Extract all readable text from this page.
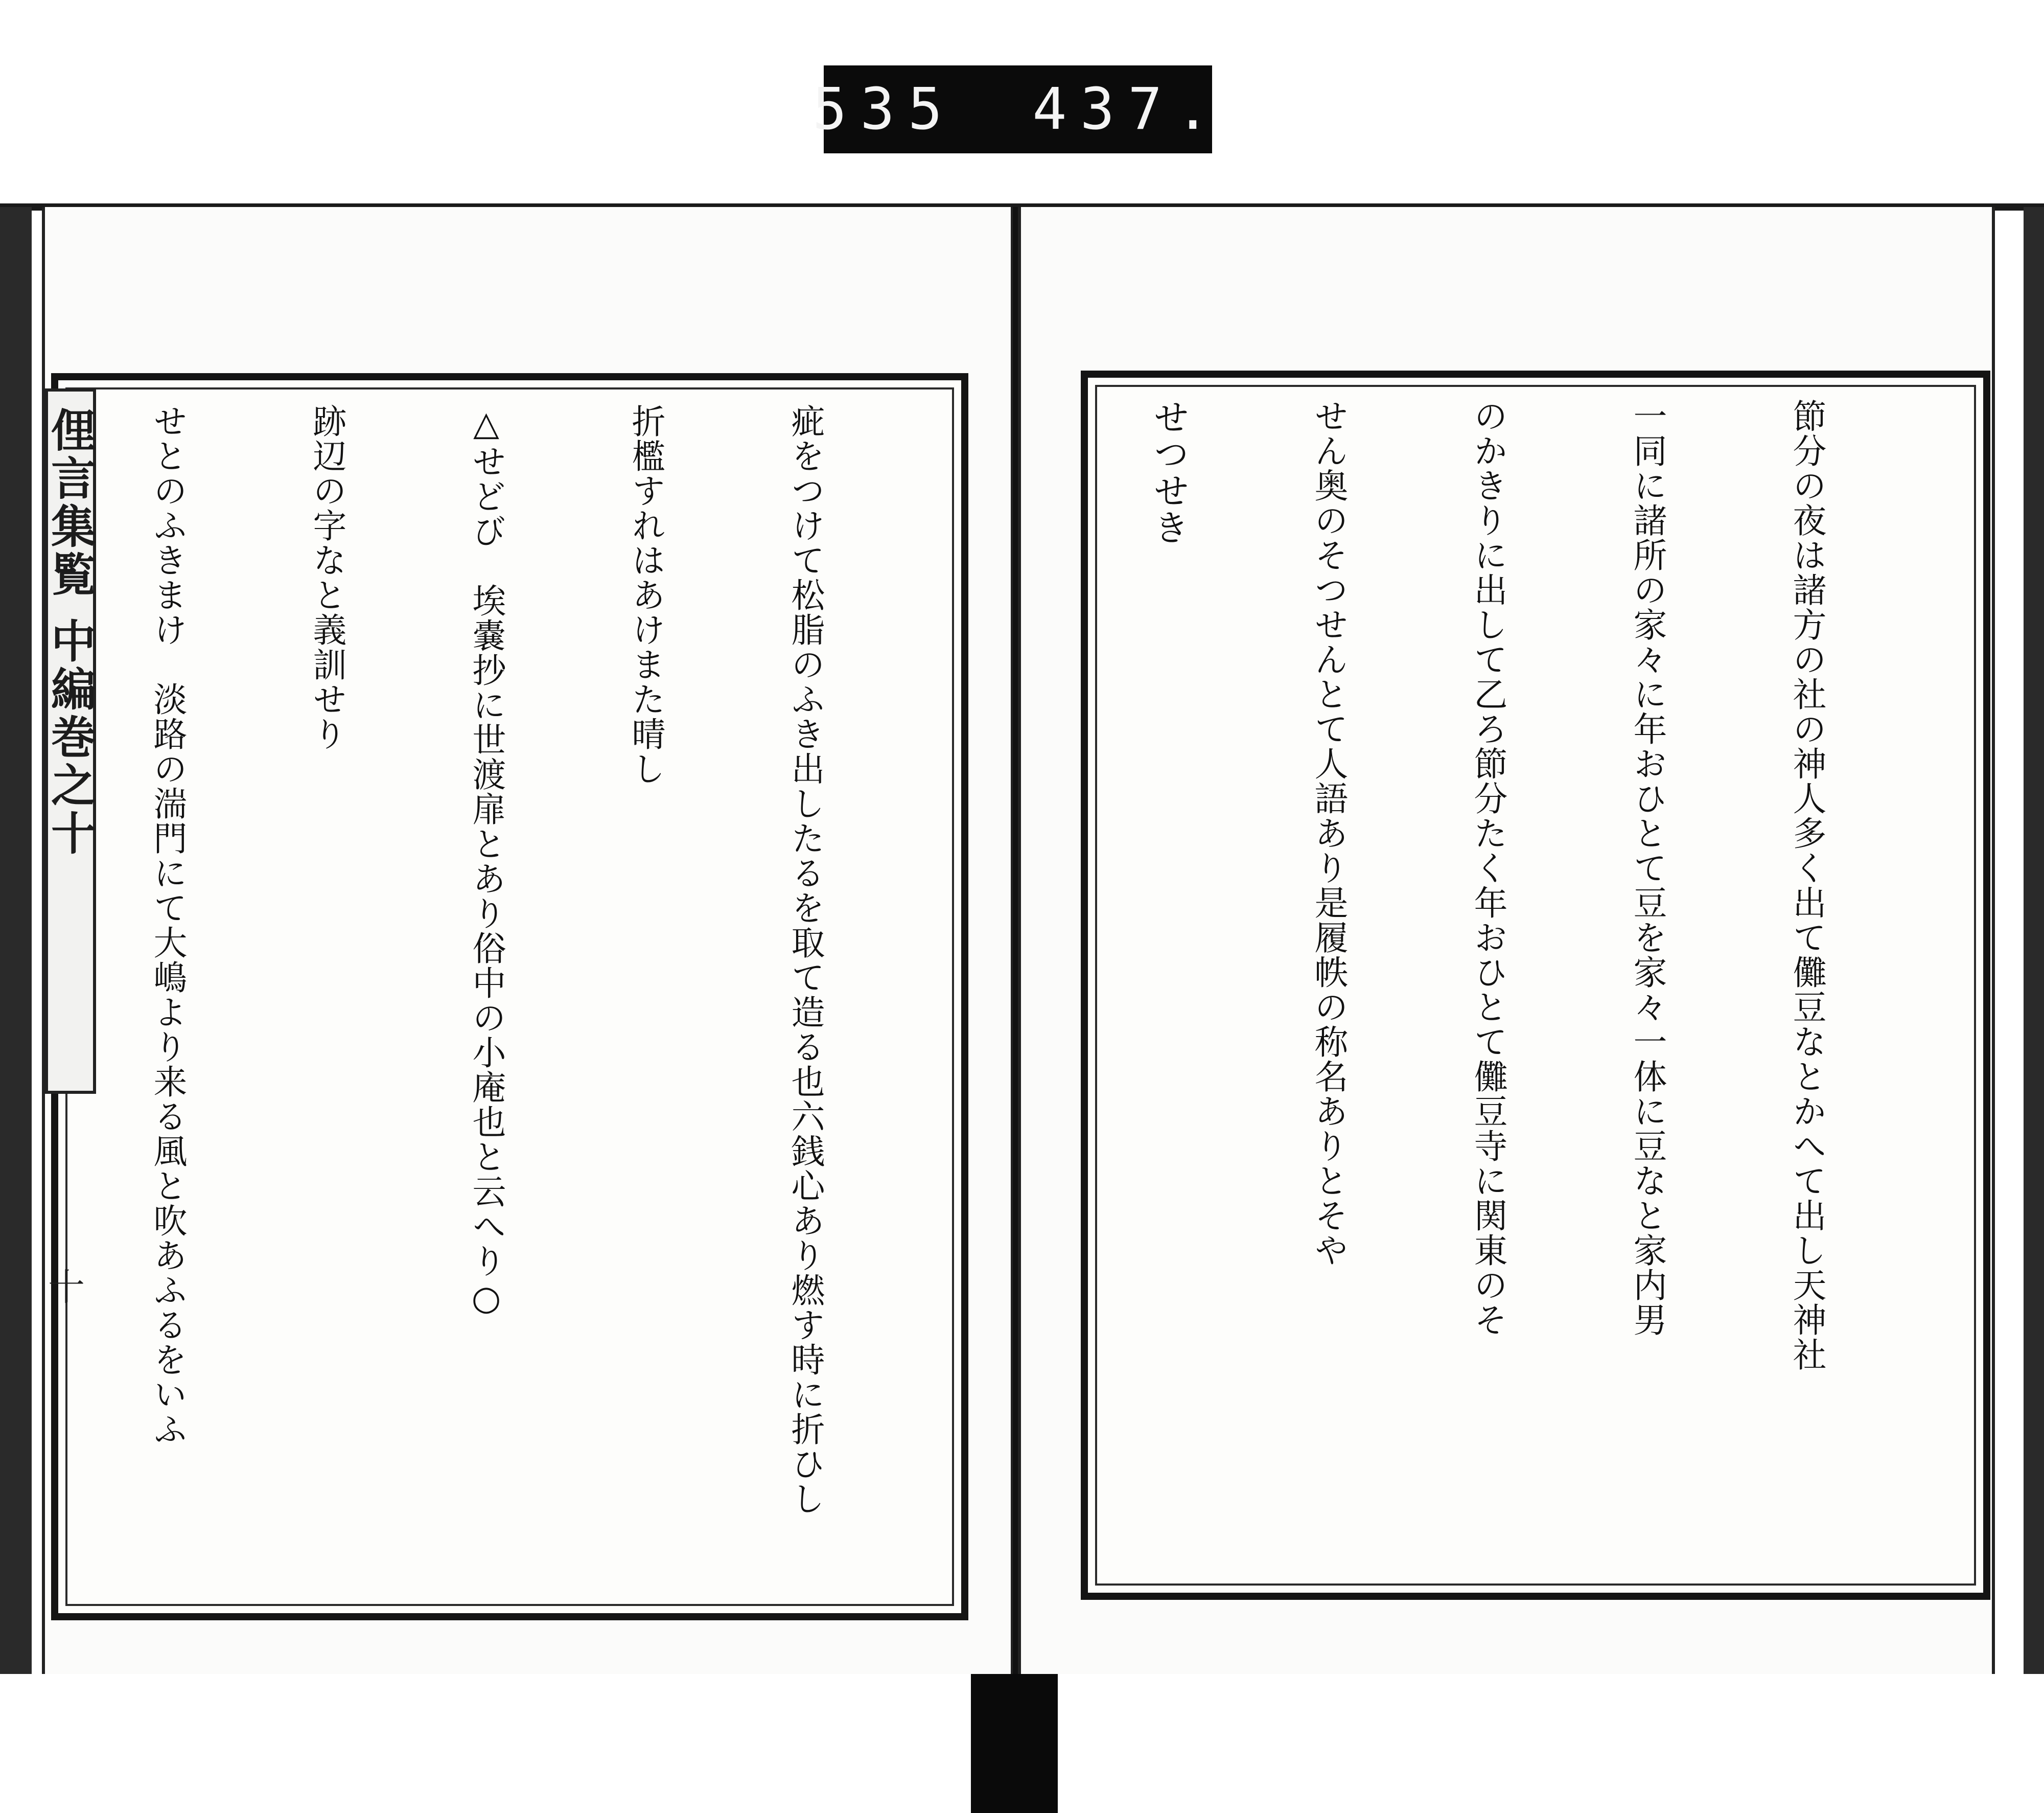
535 437.
俚言集覧 中編巻之十
十

	節分の夜は諸方の社の神人多く出て儺豆なとかへて出し天神社

一同に諸所の家々に年おひとて豆を家々一体に豆なと家内男

のかきりに出して乙ろ節分たく年おひとて儺豆寺に関東のそ

せん奥のそつせんとて人語あり是履帙の称名ありとそや

せつせき

疵をつけて松脂のふき出したるを取て造る也六銭心あり燃す時に折ひし

折檻すれはあけまた晴し

△せどび　埃嚢抄に世渡扉とあり俗中の小庵也と云へり○

跡辺の字なと義訓せり

せとのふきまけ　淡路の湍門にて大嶋より来る風と吹あふるをいふ
